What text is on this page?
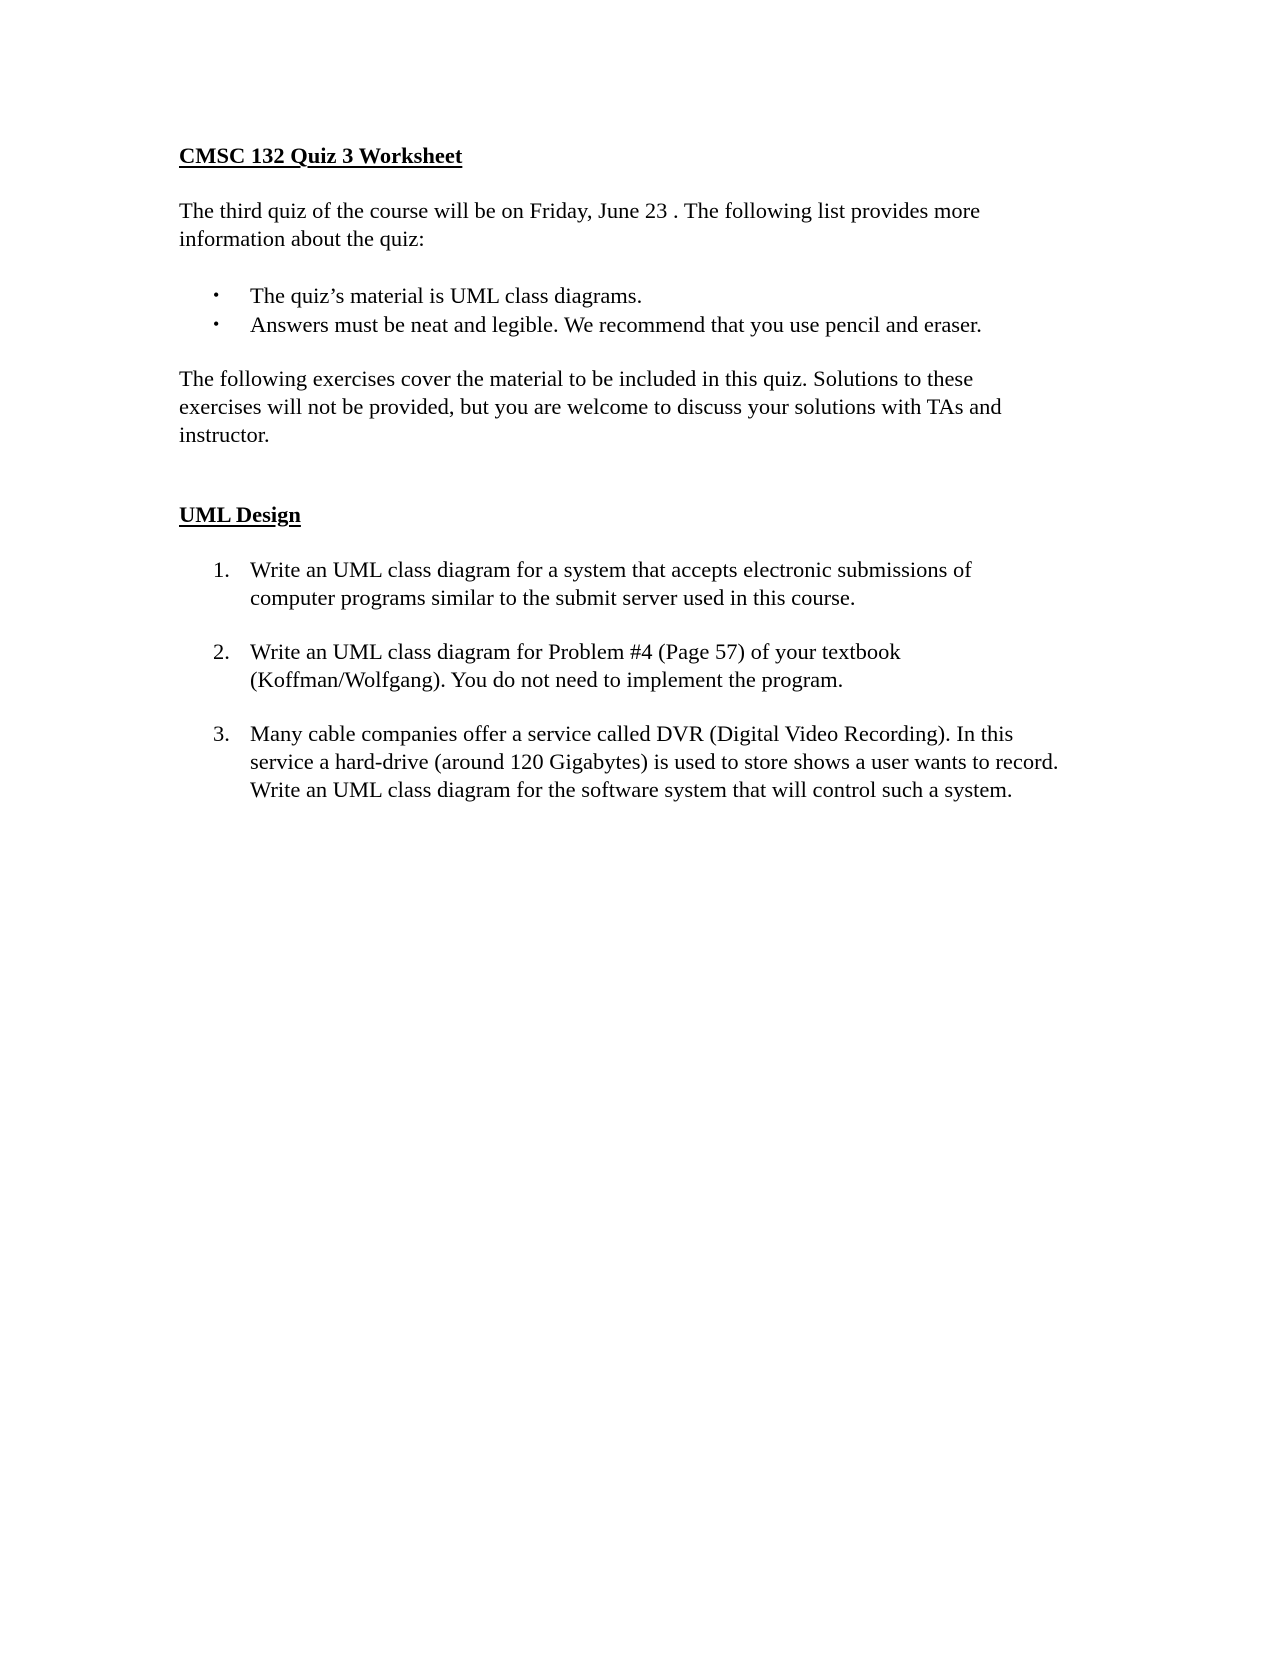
CMSC 132 Quiz 3 Worksheet

The third quiz of the course will be on Friday, June 23 . The following list provides more information about the quiz:

• The quiz’s material is UML class diagrams.
• Answers must be neat and legible. We recommend that you use pencil and eraser.

The following exercises cover the material to be included in this quiz. Solutions to these exercises will not be provided, but you are welcome to discuss your solutions with TAs and instructor.

UML Design
1. Write an UML class diagram for a system that accepts electronic submissions of computer programs similar to the submit server used in this course.
2. Write an UML class diagram for Problem #4 (Page 57) of your textbook (Koffman/Wolfgang). You do not need to implement the program.
3. Many cable companies offer a service called DVR (Digital Video Recording). In this service a hard-drive (around 120 Gigabytes) is used to store shows a user wants to record. Write an UML class diagram for the software system that will control such a system.
